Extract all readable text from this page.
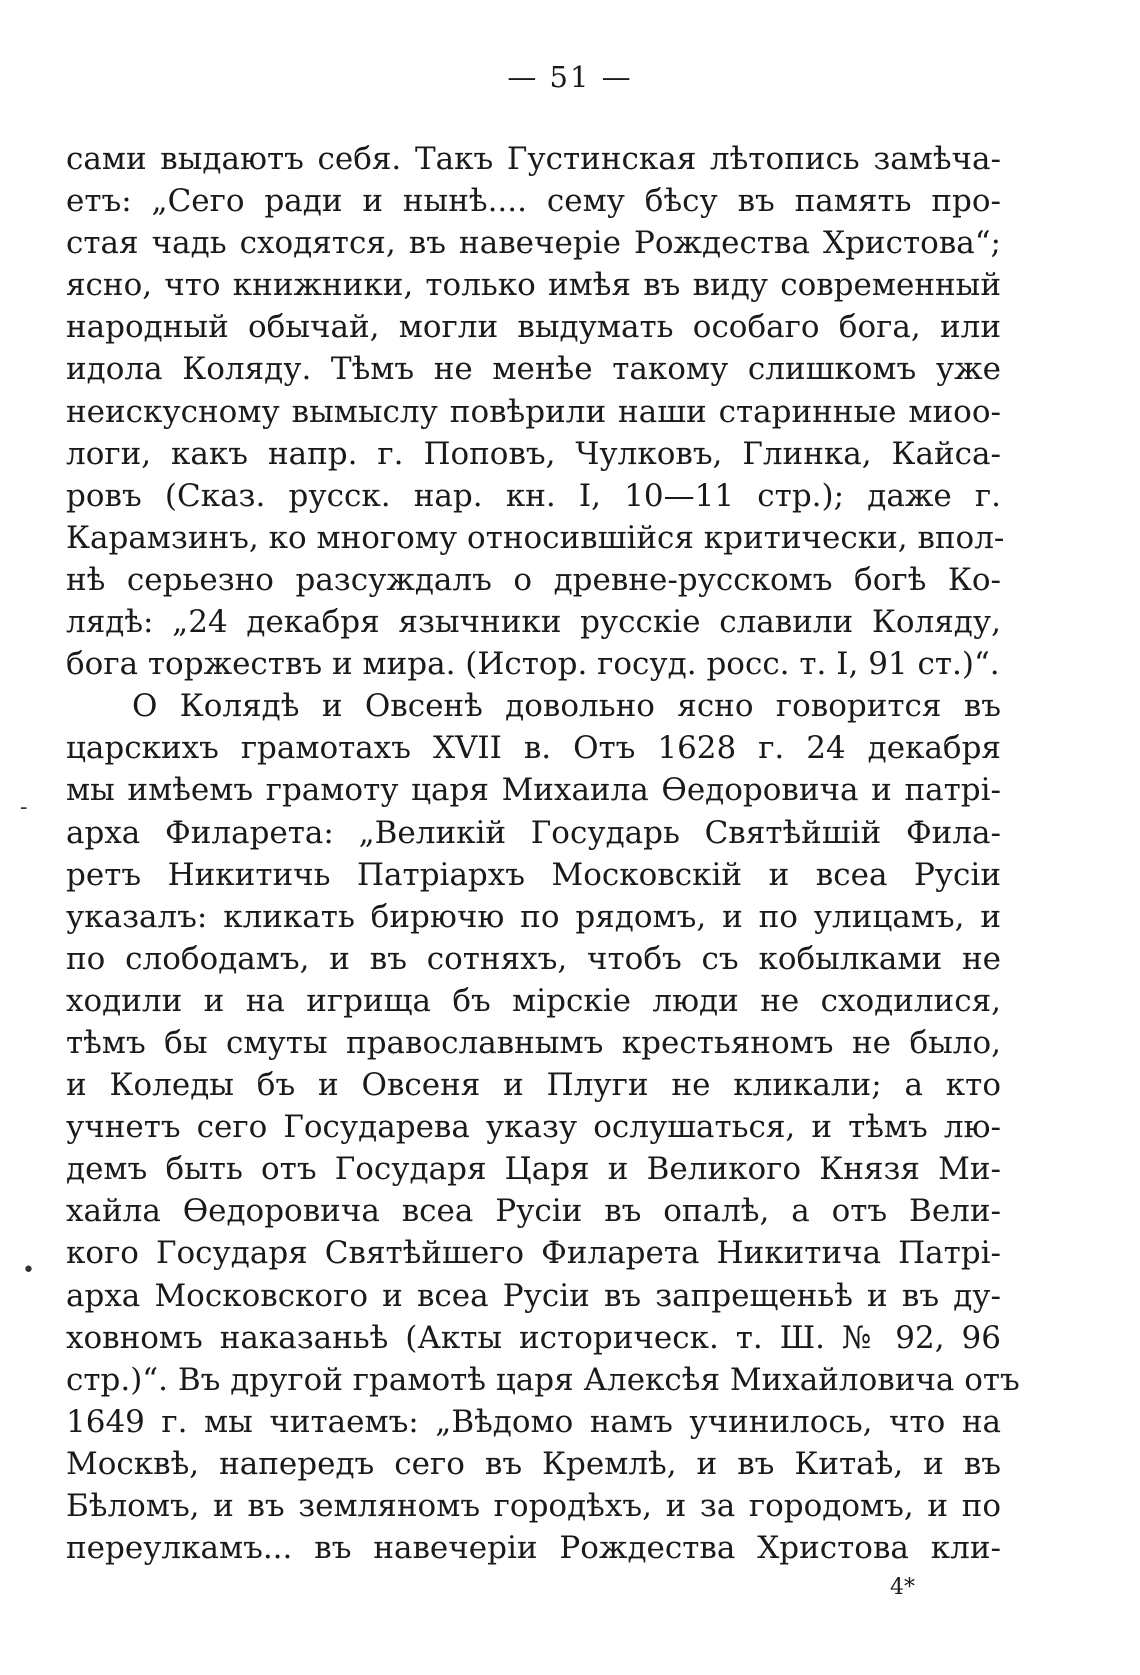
— 51 —
сами выдаютъ себя. Такъ Густинская лѣтопись замѣча-
етъ: „Сего ради и нынѣ.... сему бѣсу въ память про-
стая чадь сходятся, въ навечеріе Рождества Христова“;
ясно, что книжники, только имѣя въ виду современный
народный обычай, могли выдумать особаго бога, или
идола Коляду. Тѣмъ не менѣе такому слишкомъ уже
неискусному вымыслу повѣрили наши старинные миоо-
логи, какъ напр. г. Поповъ, Чулковъ, Глинка, Кайса-
ровъ (Сказ. русск. нар. кн. I, 10—11 стр.); даже г.
Карамзинъ, ко многому относившійся критически, впол-
нѣ серьезно разсуждалъ о древне-русскомъ богѣ Ко-
лядѣ: „24 декабря язычники русскіе славили Коляду,
бога торжествъ и мира. (Истор. госуд. росс. т. I, 91 ст.)“.
О Колядѣ и Овсенѣ довольно ясно говорится въ
царскихъ грамотахъ XVII в. Отъ 1628 г. 24 декабря
мы имѣемъ грамоту царя Михаила Ѳедоровича и патрі-
арха Филарета: „Великій Государь Святѣйшій Фила-
ретъ Никитичь Патріархъ Московскій и всеа Русіи
указалъ: кликать бирючю по рядомъ, и по улицамъ, и
по слободамъ, и въ сотняхъ, чтобъ съ кобылками не
ходили и на игрища бъ мірскіе люди не сходилися,
тѣмъ бы смуты православнымъ крестьяномъ не было,
и Коледы бъ и Овсеня и Плуги не кликали; а кто
учнетъ сего Государева указу ослушаться, и тѣмъ лю-
демъ быть отъ Государя Царя и Великого Князя Ми-
хайла Ѳедоровича всеа Русіи въ опалѣ, а отъ Вели-
кого Государя Святѣйшего Филарета Никитича Патрі-
арха Московского и всеа Русіи въ запрещеньѣ и въ ду-
ховномъ наказаньѣ (Акты историческ. т. Ш. № 92, 96
стр.)“. Въ другой грамотѣ царя Алексѣя Михайловича отъ
1649 г. мы читаемъ: „Вѣдомо намъ учинилось, что на
Москвѣ, напередъ сего въ Кремлѣ, и въ Китаѣ, и въ
Бѣломъ, и въ земляномъ городѣхъ, и за городомъ, и по
переулкамъ... въ навечеріи Рождества Христова кли-
-
•
4*
